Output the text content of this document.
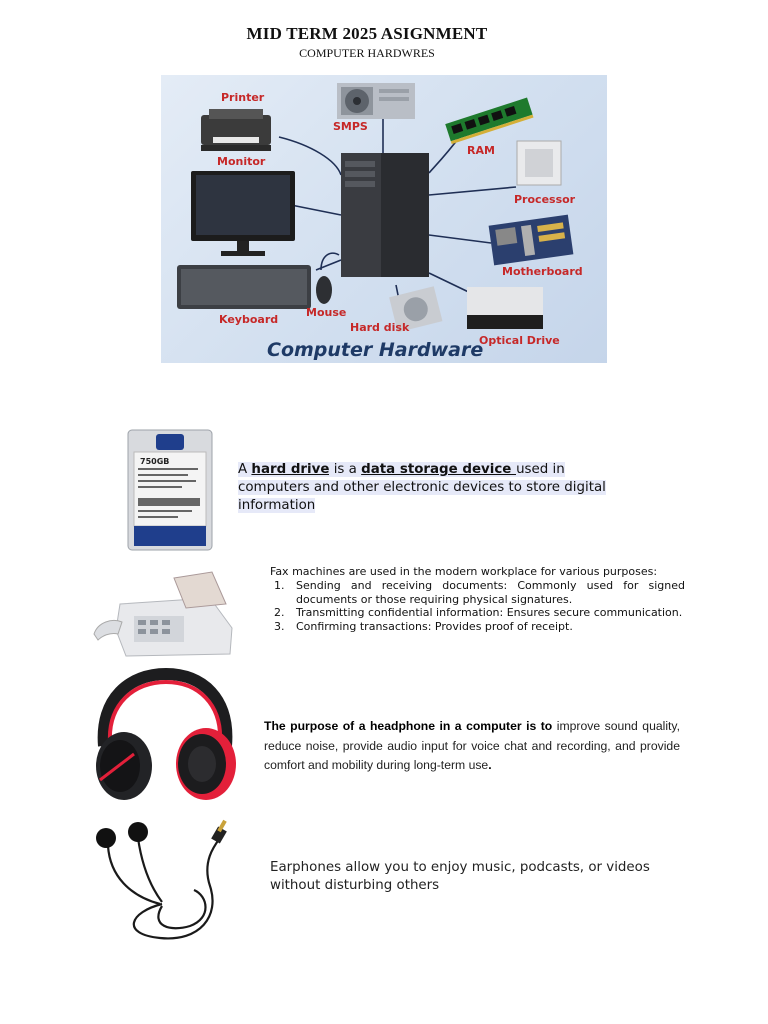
MID TERM 2025 ASIGNMENT
COMPUTER HARDWRES
Printer
SMPS
RAM
Monitor
Processor
Motherboard
Keyboard
Mouse
Hard disk
Optical Drive
Computer Hardware
750GB
A hard drive is a data storage device used in computers and other electronic devices to store digital information
Fax machines are used in the modern workplace for various purposes:
1. Sending and receiving documents: Commonly used for signed documents or those requiring physical signatures.
2. Transmitting confidential information: Ensures secure communication.
3. Confirming transactions: Provides proof of receipt.
The purpose of a headphone in a computer is to improve sound quality, reduce noise, provide audio input for voice chat and recording, and provide comfort and mobility during long-term use.
Earphones allow you to enjoy music, podcasts, or videos without disturbing others
